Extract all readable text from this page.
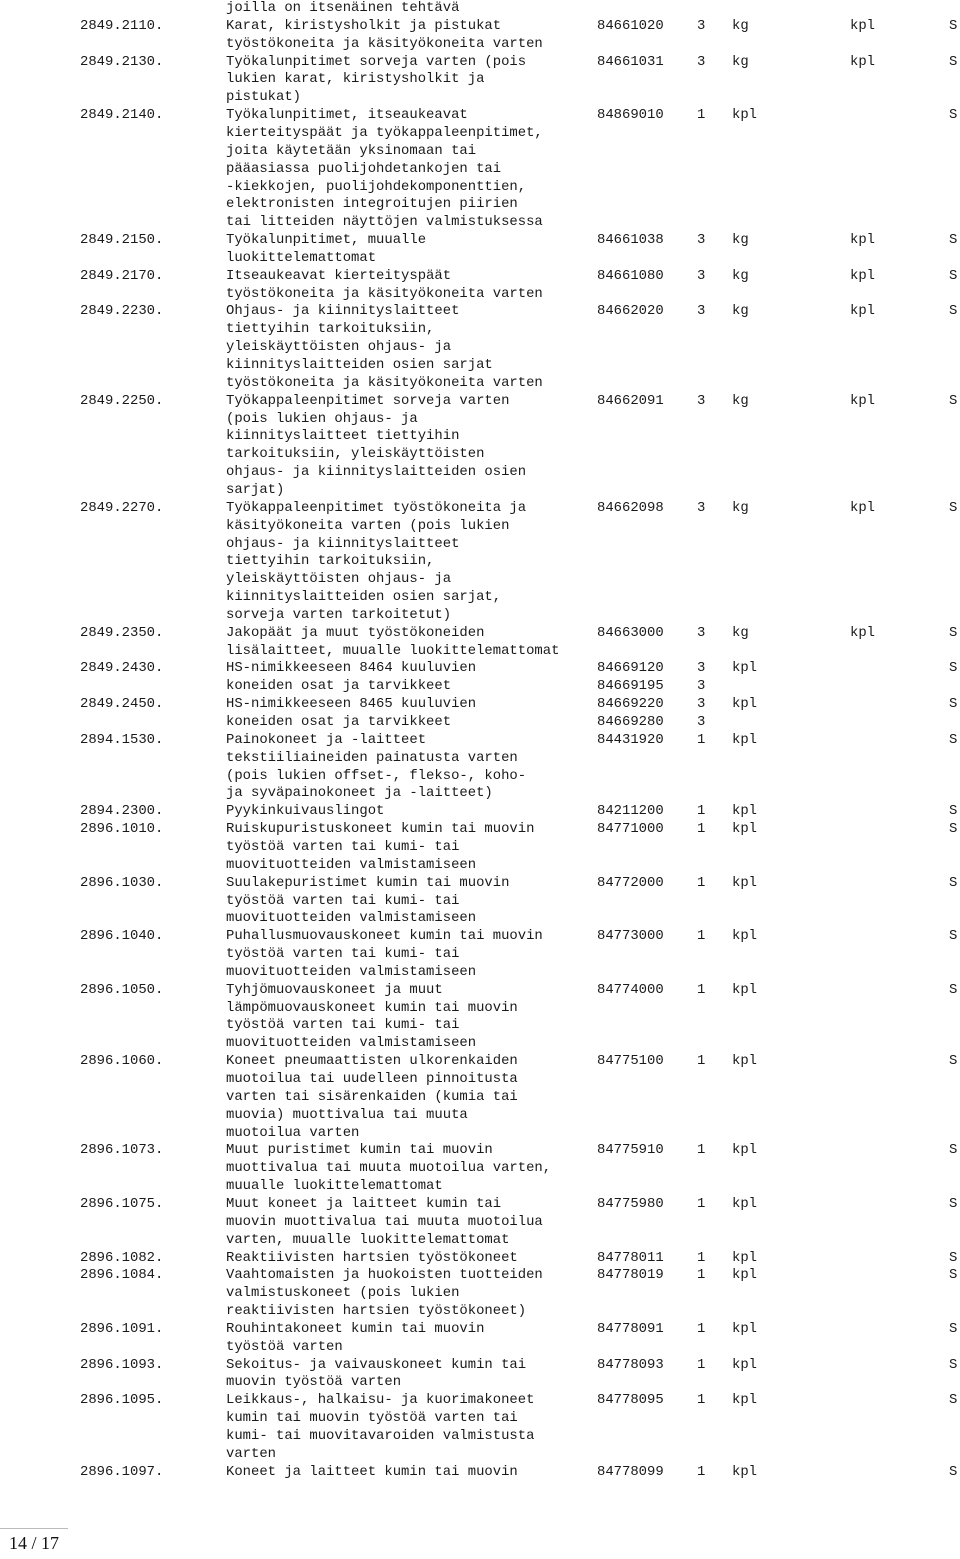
joilla on itsenäinen tehtävä
2849.2110.	Karat, kiristysholkit ja pistukat	84661020 3 kg	kpl	S
työstökoneita ja käsityökoneita varten
2849.2130.	Työkalunpitimet sorveja varten (pois	84661031 3 kg	kpl	S
lukien karat, kiristysholkit ja
pistukat)
2849.2140.	Työkalunpitimet, itseaukeavat	84869010 1 kpl	S
kierteityspäät ja työkappaleenpitimet,
joita käytetään yksinomaan tai
pääasiassa puolijohdetankojen tai
-kiekkojen, puolijohdekomponenttien,
elektronisten integroitujen piirien
tai litteiden näyttöjen valmistuksessa
2849.2150.	Työkalunpitimet, muualle	84661038 3 kg	kpl	S
luokittelemattomat
2849.2170.	Itseaukeavat kierteityspäät	84661080 3 kg	kpl	S
työstökoneita ja käsityökoneita varten
2849.2230.	Ohjaus- ja kiinnityslaitteet	84662020 3 kg	kpl	S
tiettyihin tarkoituksiin,
yleiskäyttöisten ohjaus- ja
kiinnityslaitteiden osien sarjat
työstökoneita ja käsityökoneita varten
2849.2250.	Työkappaleenpitimet sorveja varten	84662091 3 kg	kpl	S
(pois lukien ohjaus- ja
kiinnityslaitteet tiettyihin
tarkoituksiin, yleiskäyttöisten
ohjaus- ja kiinnityslaitteiden osien
sarjat)
2849.2270.	Työkappaleenpitimet työstökoneita ja	84662098 3 kg	kpl	S
käsityökoneita varten (pois lukien
ohjaus- ja kiinnityslaitteet
tiettyihin tarkoituksiin,
yleiskäyttöisten ohjaus- ja
kiinnityslaitteiden osien sarjat,
sorveja varten tarkoitetut)
2849.2350.	Jakopäät ja muut työstökoneiden	84663000 3 kg	kpl	S
lisälaitteet, muualle luokittelemattomat
2849.2430.	HS-nimikkeeseen 8464 kuuluvien	84669120 3 kpl	S
koneiden osat ja tarvikkeet	84669195 3
2849.2450.	HS-nimikkeeseen 8465 kuuluvien	84669220 3 kpl	S
koneiden osat ja tarvikkeet	84669280 3
2894.1530.	Painokoneet ja -laitteet	84431920 1 kpl	S
tekstiiliaineiden painatusta varten
(pois lukien offset-, flekso-, koho-
ja syväpainokoneet ja -laitteet)
2894.2300.	Pyykinkuivauslingot	84211200 1 kpl	S
2896.1010.	Ruiskupuristuskoneet kumin tai muovin	84771000 1 kpl	S
työstöä varten tai kumi- tai
muovituotteiden valmistamiseen
2896.1030.	Suulakepuristimet kumin tai muovin	84772000 1 kpl	S
työstöä varten tai kumi- tai
muovituotteiden valmistamiseen
2896.1040.	Puhallusmuovauskoneet kumin tai muovin	84773000 1 kpl	S
työstöä varten tai kumi- tai
muovituotteiden valmistamiseen
2896.1050.	Tyhjömuovauskoneet ja muut	84774000 1 kpl	S
lämpömuovauskoneet kumin tai muovin
työstöä varten tai kumi- tai
muovituotteiden valmistamiseen
2896.1060.	Koneet pneumaattisten ulkorenkaiden	84775100 1 kpl	S
muotoilua tai uudelleen pinnoitusta
varten tai sisärenkaiden (kumia tai
muovia) muottivalua tai muuta
muotoilua varten
2896.1073.	Muut puristimet kumin tai muovin	84775910 1 kpl	S
muottivalua tai muuta muotoilua varten,
muualle luokittelemattomat
2896.1075.	Muut koneet ja laitteet kumin tai	84775980 1 kpl	S
muovin muottivalua tai muuta muotoilua
varten, muualle luokittelemattomat
2896.1082.	Reaktiivisten hartsien työstökoneet	84778011 1 kpl	S
2896.1084.	Vaahtomaisten ja huokoisten tuotteiden	84778019 1 kpl	S
valmistuskoneet (pois lukien
reaktiivisten hartsien työstökoneet)
2896.1091.	Rouhintakoneet kumin tai muovin	84778091 1 kpl	S
työstöä varten
2896.1093.	Sekoitus- ja vaivauskoneet kumin tai	84778093 1 kpl	S
muovin työstöä varten
2896.1095.	Leikkaus-, halkaisu- ja kuorimakoneet	84778095 1 kpl	S
kumin tai muovin työstöä varten tai
kumi- tai muovitavaroiden valmistusta
varten
2896.1097.	Koneet ja laitteet kumin tai muovin	84778099 1 kpl	S
14 / 17
